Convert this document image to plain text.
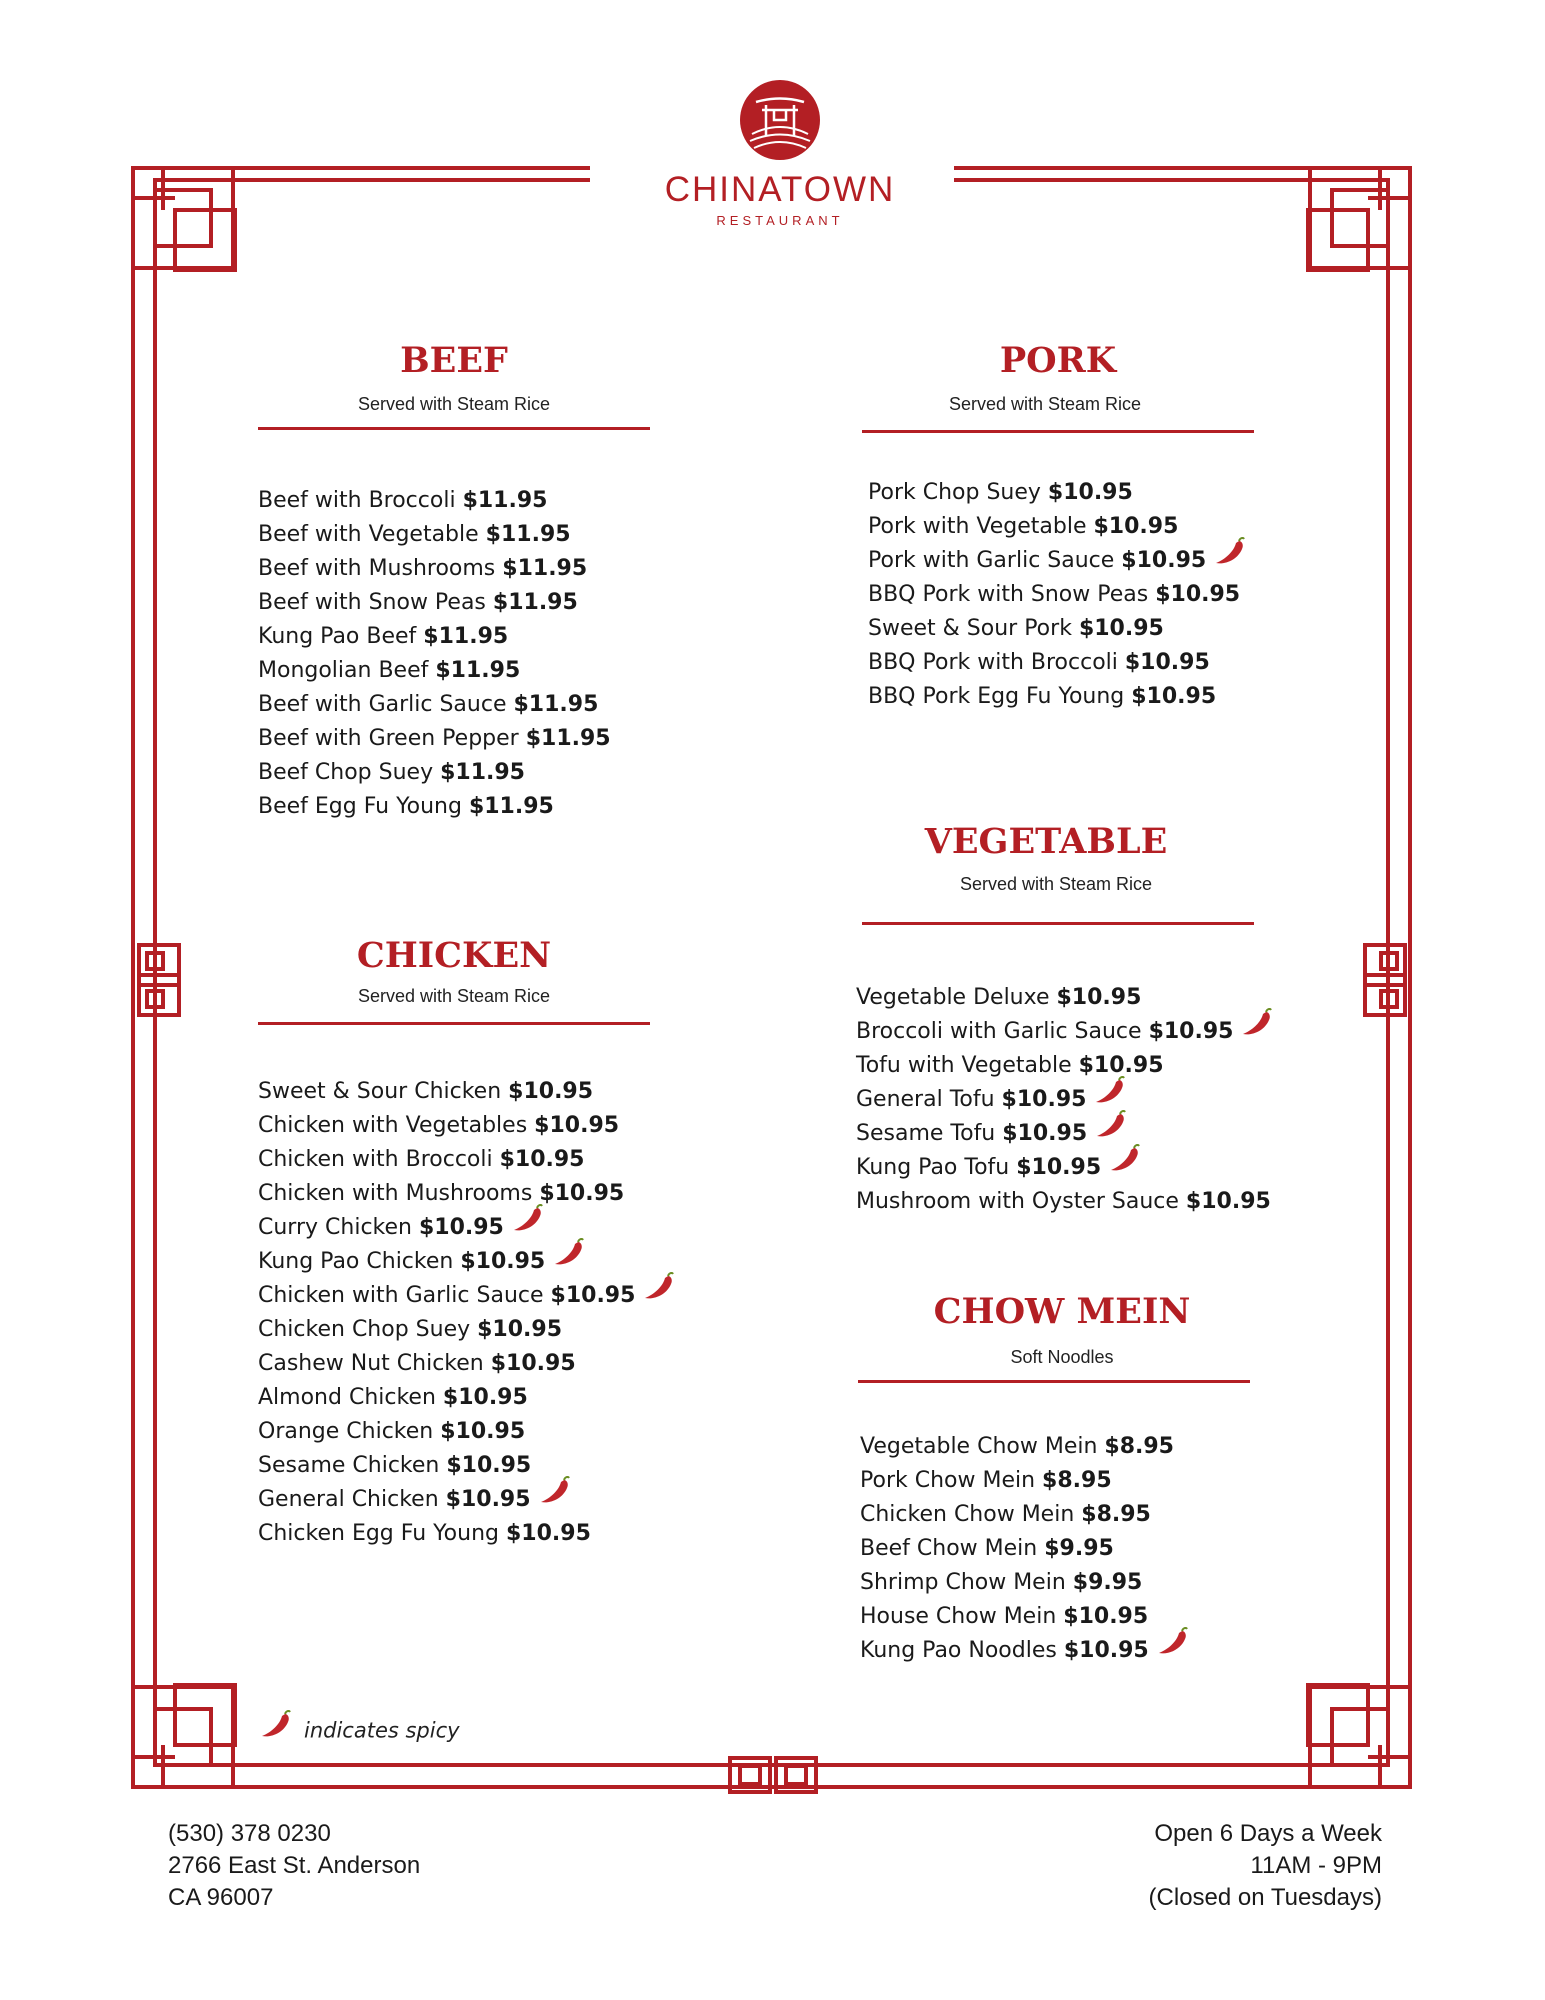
CHINATOWN
RESTAURANT
BEEF
Served with Steam Rice
Beef with Broccoli $11.95
Beef with Vegetable $11.95
Beef with Mushrooms $11.95
Beef with Snow Peas $11.95
Kung Pao Beef $11.95
Mongolian Beef $11.95
Beef with Garlic Sauce $11.95
Beef with Green Pepper $11.95
Beef Chop Suey $11.95
Beef Egg Fu Young $11.95
CHICKEN
Served with Steam Rice
Sweet & Sour Chicken $10.95
Chicken with Vegetables $10.95
Chicken with Broccoli $10.95
Chicken with Mushrooms $10.95
Curry Chicken $10.95
Kung Pao Chicken $10.95
Chicken with Garlic Sauce $10.95
Chicken Chop Suey $10.95
Cashew Nut Chicken $10.95
Almond Chicken $10.95
Orange Chicken $10.95
Sesame Chicken $10.95
General Chicken $10.95
Chicken Egg Fu Young $10.95
PORK
Served with Steam Rice
Pork Chop Suey $10.95
Pork with Vegetable $10.95
Pork with Garlic Sauce $10.95
BBQ Pork with Snow Peas $10.95
Sweet & Sour Pork $10.95
BBQ Pork with Broccoli $10.95
BBQ Pork Egg Fu Young $10.95
VEGETABLE
Served with Steam Rice
Vegetable Deluxe $10.95
Broccoli with Garlic Sauce $10.95
Tofu with Vegetable $10.95
General Tofu $10.95
Sesame Tofu $10.95
Kung Pao Tofu $10.95
Mushroom with Oyster Sauce $10.95
CHOW MEIN
Soft Noodles
Vegetable Chow Mein $8.95
Pork Chow Mein $8.95
Chicken Chow Mein $8.95
Beef Chow Mein $9.95
Shrimp Chow Mein $9.95
House Chow Mein $10.95
Kung Pao Noodles $10.95
indicates spicy
(530) 378 0230
2766 East St. Anderson
CA 96007
Open 6 Days a Week
11AM - 9PM
(Closed on Tuesdays)
